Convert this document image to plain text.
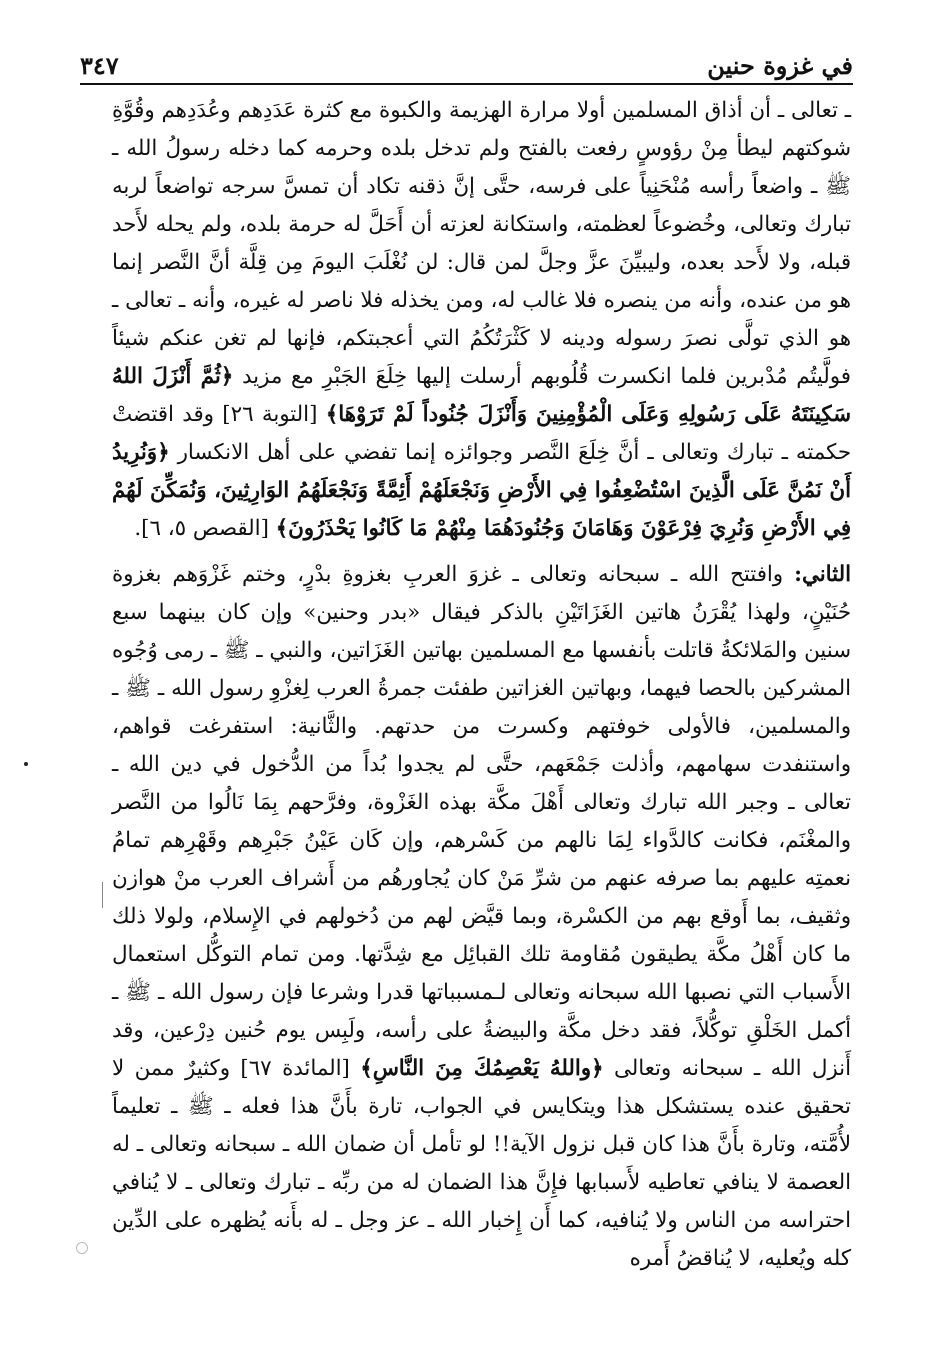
في غزوة حنين
٣٤٧

ـ تعالى ـ أن أذاق المسلمين أولا مرارة الهزيمة والكبوة مع كثرة عَدَدِهم وعُدَدِهم وقُوَّةِ شوكتهم ليطأ مِنْ رؤوسٍ رفعت بالفتح ولم تدخل بلده وحرمه كما دخله رسولُ الله ـ ﷺ ـ واضعاً رأسه مُنْحَنِياً على فرسه، حتَّى إنَّ ذقنه تكاد أن تمسَّ سرجه تواضعاً لربه تبارك وتعالى، وخُضوعاً لعظمته، واستكانة لعزته أن أَحَلَّ له حرمة بلده، ولم يحله لأَحد قبله، ولا لأَحد بعده، وليبيِّنَ عزَّ وجلَّ لمن قال: لن نُغْلَبَ اليومَ مِن قِلَّة أنَّ النَّصر إنما هو من عنده، وأنه من ينصره فلا غالب له، ومن يخذله فلا ناصر له غيره، وأنه ـ تعالى ـ هو الذي تولَّى نصرَ رسوله ودينه لا كَثْرَتُكُمُ التي أعجبتكم، فإنها لم تغن عنكم شيئاً فولَّيتُم مُدْبرين فلما انكسرت قُلُوبهم أرسلت إليها خِلَعَ الجَبْرِ مع مزيد ﴿ثُمَّ أَنْزَلَ اللهُ سَكِينَتَهُ عَلَى رَسُولِهِ وَعَلَى الْمُؤْمِنِينَ وَأَنْزَلَ جُنُوداً لَمْ تَرَوْهَا﴾ [التوبة ٢٦] وقد اقتضتْ حكمته ـ تبارك وتعالى ـ أنَّ خِلَعَ النَّصر وجوائزه إنما تفضي على أهل الانكسار ﴿وَنُرِيدُ أَنْ نَمُنَّ عَلَى الَّذِينَ اسْتُضْعِفُوا فِي الأَرْضِ وَنَجْعَلَهُمْ أَئِمَّةً وَنَجْعَلَهُمُ الوَارِثِينَ، وَنُمَكِّنَ لَهُمْ فِي الأَرْضِ وَنُرِيَ فِرْعَوْنَ وَهَامَانَ وَجُنُودَهُمَا مِنْهُمْ مَا كَانُوا يَحْذَرُونَ﴾ [القصص ٥، ٦].

الثاني: وافتتح الله ـ سبحانه وتعالى ـ غزوَ العربِ بغزوةِ بدْرٍ، وختم غَزْوَهم بغزوة حُنَيْنٍ، ولهذا يُقْرَنُ هاتين الغَزَاتَيْنِ بالذكر فيقال «بدر وحنين» وإن كان بينهما سبع سنين والمَلائكةُ قاتلت بأنفسها مع المسلمين بهاتين الغَزَاتين، والنبي ـ ﷺ ـ رمى وُجُوه المشركين بالحصا فيهما، وبهاتين الغزاتين طفئت جمرةُ العرب لِغزْوِ رسول الله ـ ﷺ ـ والمسلمين، فالأولى خوفتهم وكسرت من حدتهم. والثَّانية: استفرغت قواهم، واستنفدت سهامهم، وأذلت جَمْعَهم، حتَّى لم يجدوا بُداً من الدُّخول في دين الله ـ تعالى ـ وجبر الله تبارك وتعالى أَهْلَ مكَّة بهذه الغَزْوة، وفرَّحهم بِمَا نَالُوا من النَّصر والمغْنَم، فكانت كالدَّواء لِمَا نالهم من كَسْرهم، وإن كَان عَيْنُ جَبْرِهم وقَهْرِهم تمامُ نعمتِه عليهم بما صرفه عنهم من شرِّ مَنْ كان يُجاورهُم من أَشراف العرب منْ هوازن وثقيف، بما أَوقع بهم من الكسْرة، وبما قيَّض لهم من دُخولهم في الإِسلام، ولولا ذلك ما كان أَهْلُ مكَّة يطيقون مُقاومة تلك القبائِل مع شِدَّتها. ومن تمام التوكُّل استعمال الأَسباب التي نصبها الله سبحانه وتعالى لـمسبباتها قدرا وشرعا فإن رسول الله ـ ﷺ ـ أكمل الخَلْقِ توكُّلاً، فقد دخل مكَّة والبيضةُ على رأسه، ولَبِس يوم حُنين دِرْعين، وقد أَنزل الله ـ سبحانه وتعالى ﴿واللهُ يَعْصِمُكَ مِنَ النَّاسِ﴾ [المائدة ٦٧] وكثيرٌ ممن لا تحقيق عنده يستشكل هذا ويتكايس في الجواب، تارة بأَنَّ هذا فعله ـ ﷺ ـ تعليماً لأُمَّته، وتارة بأَنَّ هذا كان قبل نزول الآية!! لو تأمل أن ضمان الله ـ سبحانه وتعالى ـ له العصمة لا ينافي تعاطيه لأَسبابها فإِنَّ هذا الضمان له من ربِّه ـ تبارك وتعالى ـ لا يُنافي احتراسه من الناس ولا يُنافيه، كما أَن إِخبار الله ـ عز وجل ـ له بأَنه يُظهره على الدِّين كله ويُعليه، لا يُناقضُ أَمره
